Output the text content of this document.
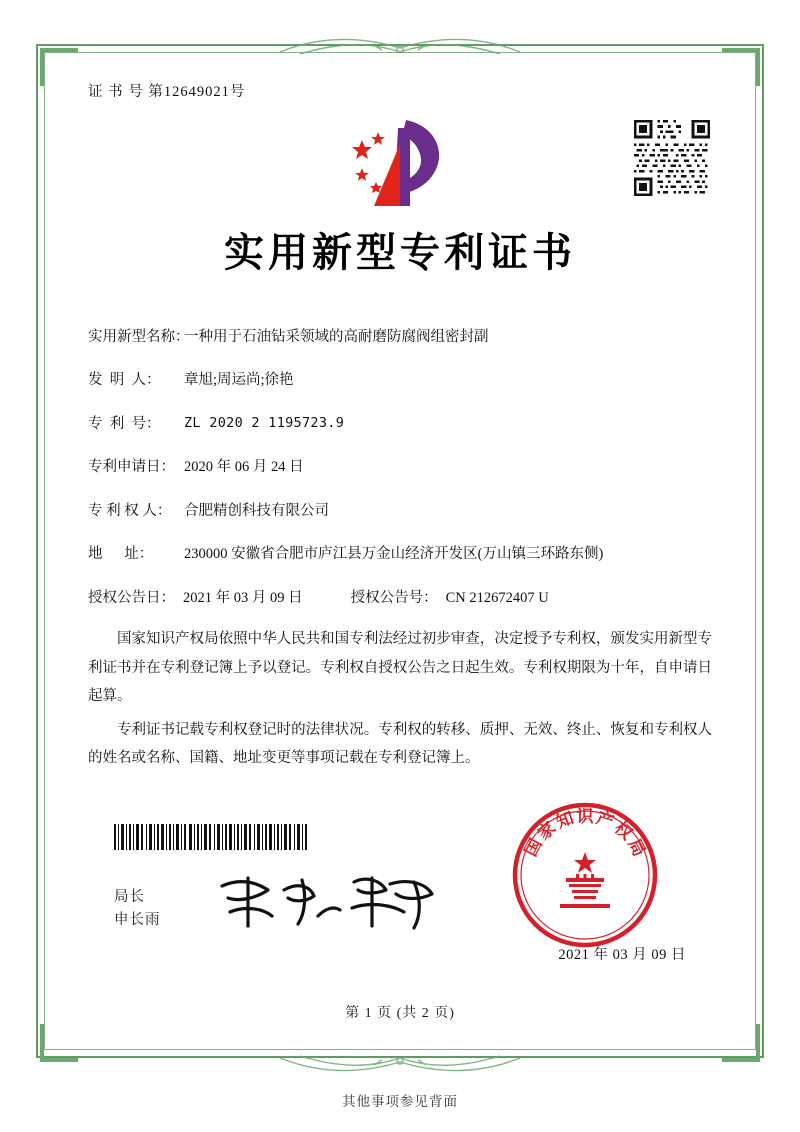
证 书 号 第12649021号
实用新型专利证书
实用新型名称：
一种用于石油钻采领域的高耐磨防腐阀组密封副
发  明  人：	章旭;周运尚;徐艳
专  利  号：	ZL 2020 2 1195723.9
专利申请日： 2020 年 06 月 24 日
专 利 权 人： 合肥精创科技有限公司
地      址：	230000 安徽省合肥市庐江县万金山经济开发区(万山镇三环路东侧)
授权公告日： 2021 年 03 月 09 日	授权公告号： CN 212672407 U

国家知识产权局依照中华人民共和国专利法经过初步审查，决定授予专利权，颁发实用新型专利证书并在专利登记簿上予以登记。专利权自授权公告之日起生效。专利权期限为十年，自申请日起算。

专利证书记载专利权登记时的法律状况。专利权的转移、质押、无效、终止、恢复和专利权人的姓名或名称、国籍、地址变更等事项记载在专利登记簿上。

局长
申长雨
国
家
知 识 产
权
局
2021 年 03 月 09 日
第 1 页 (共 2 页)
其他事项参见背面
